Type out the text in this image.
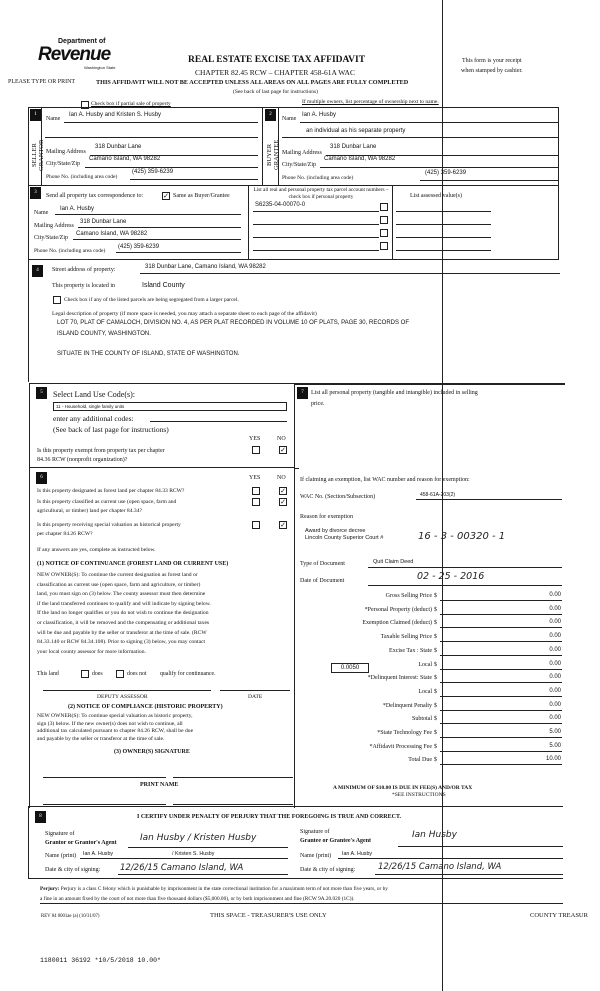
Department of
Revenue
Washington State
PLEASE TYPE OR PRINT
REAL ESTATE EXCISE TAX AFFIDAVIT
CHAPTER 82.45 RCW – CHAPTER 458-61A WAC
THIS AFFIDAVIT WILL NOT BE ACCEPTED UNLESS ALL AREAS ON ALL PAGES ARE FULLY COMPLETED
(See back of last page for instructions)
This form is your receipt
when stamped by cashier.
Check box if partial sale of property	If multiple owners, list percentage of ownership next to name.
1
SELLER GRANTOR
Name
Ian A. Husby and Kristen S. Husby
Mailing Address
318 Dunbar Lane
City/State/Zip
Camano Island, WA 98282
Phone No. (including area code)
(425) 359-6239
2
BUYER GRANTEE
Name
Ian A. Husby
an individual as his separate property
Mailing Address
318 Dunbar Lane
City/State/Zip
Camano Island, WA 98282
Phone No. (including area code)
(425) 359-6239
3
Send all property tax correspondence to:	✓ Same as Buyer/Grantee
Name
Ian A. Husby
Mailing Address
318 Dunbar Lane
City/State/Zip
Camano Island, WA 98282
Phone No. (including area code)
(425) 359-6239
List all real and personal property tax parcel account numbers – check box if personal property	List assessed value(s)
S6235-04-00070-0
4	Street address of property:	318 Dunbar Lane, Camano Island, WA 98282
This property is located in	Island County
Check box if any of the listed parcels are being segregated from a larger parcel.
Legal description of property (if more space is needed, you may attach a separate sheet to each page of the affidavit)
LOT 70, PLAT OF CAMALOCH, DIVISION NO. 4, AS PER PLAT RECORDED IN VOLUME 10 OF PLATS, PAGE 30, RECORDS OF
ISLAND COUNTY, WASHINGTON.
SITUATE IN THE COUNTY OF ISLAND, STATE OF WASHINGTON.
5	Select Land Use Code(s):
11 - Household, single family units
enter any additional codes:
(See back of last page for instructions)
YES	NO
Is this property exempt from property tax per chapter
84.36 RCW (nonprofit organization)?
✓
6	YES	NO
Is this property designated as forest land per chapter 84.33 RCW?	✓
Is this property classified as current use (open space, farm and
agricultural, or timber) land per chapter 84.34?
✓
Is this property receiving special valuation as historical property
per chapter 84.26 RCW?
✓
If any answers are yes, complete as instructed below.
(1) NOTICE OF CONTINUANCE (FOREST LAND OR CURRENT USE)
NEW OWNER(S): To continue the current designation as forest land or
classification as current use (open space, farm and agriculture, or timber)
land, you must sign on (3) below. The county assessor must then determine
if the land transferred continues to qualify and will indicate by signing below.
If the land no longer qualifies or you do not wish to continue the designation
or classification, it will be removed and the compensating or additional taxes
will be due and payable by the seller or transferor at the time of sale. (RCW
84.33.140 or RCW 84.34.108). Prior to signing (3) below, you may contact
your local county assessor for more information.
This land	does	does not qualify for continuance.
DEPUTY ASSESSOR	DATE
(2) NOTICE OF COMPLIANCE (HISTORIC PROPERTY)
NEW OWNER(S): To continue special valuation as historic property,
sign (3) below. If the new owner(s) does not wish to continue, all
additional tax calculated pursuant to chapter 84.26 RCW, shall be due
and payable by the seller or transferor at the time of sale.
(3) OWNER(S) SIGNATURE
PRINT NAME
7	List all personal property (tangible and intangible) included in selling
price.
If claiming an exemption, list WAC number and reason for exemption:
WAC No. (Section/Subsection)	458-61A-203(2)
Reason for exemption
Award by divorce decree
Lincoln County Superior Court #	16 - 3 - 00320 - 1
Type of Document	Quit Claim Deed
Date of Document	02 - 25 - 2016
Gross Selling Price $	0.00
*Personal Property (deduct) $	0.00
Exemption Claimed (deduct) $	0.00
Taxable Selling Price $	0.00
Excise Tax : State $	0.00
Local $	0.00
*Delinquent Interest: State $	0.00
Local $	0.00
*Delinquent Penalty $	0.00
Subtotal $	0.00
*State Technology Fee $	5.00
*Affidavit Processing Fee $	5.00
Total Due $	10.00
0.0050
A MINIMUM OF $10.00 IS DUE IN FEE(S) AND/OR TAX
*SEE INSTRUCTIONS
8	I CERTIFY UNDER PENALTY OF PERJURY THAT THE FOREGOING IS TRUE AND CORRECT.
Signature of
Grantor or Grantor's Agent	Ian Husby / Kristen Husby
Name (print) Ian A. Husby	/ Kristen S. Husby
Date & city of signing: 12/26/15 Camano Island, WA
Signature of
Grantee or Grantee's Agent
Ian Husby
Name (print) Ian A. Husby
Date & city of signing:	12/26/15 Camano Island, WA
Perjury: Perjury is a class C felony which is punishable by imprisonment in the state correctional institution for a maximum term of not more than five years, or by
a fine in an amount fixed by the court of not more than five thousand dollars ($5,000.00), or by both imprisonment and fine (RCW 9A.20.020 (1C)).
REV 84 0001ae (a) (10/31/07)	THIS SPACE - TREASURER'S USE ONLY	COUNTY TREASUR
1180011 36192 *10/5/2018 10.00*
